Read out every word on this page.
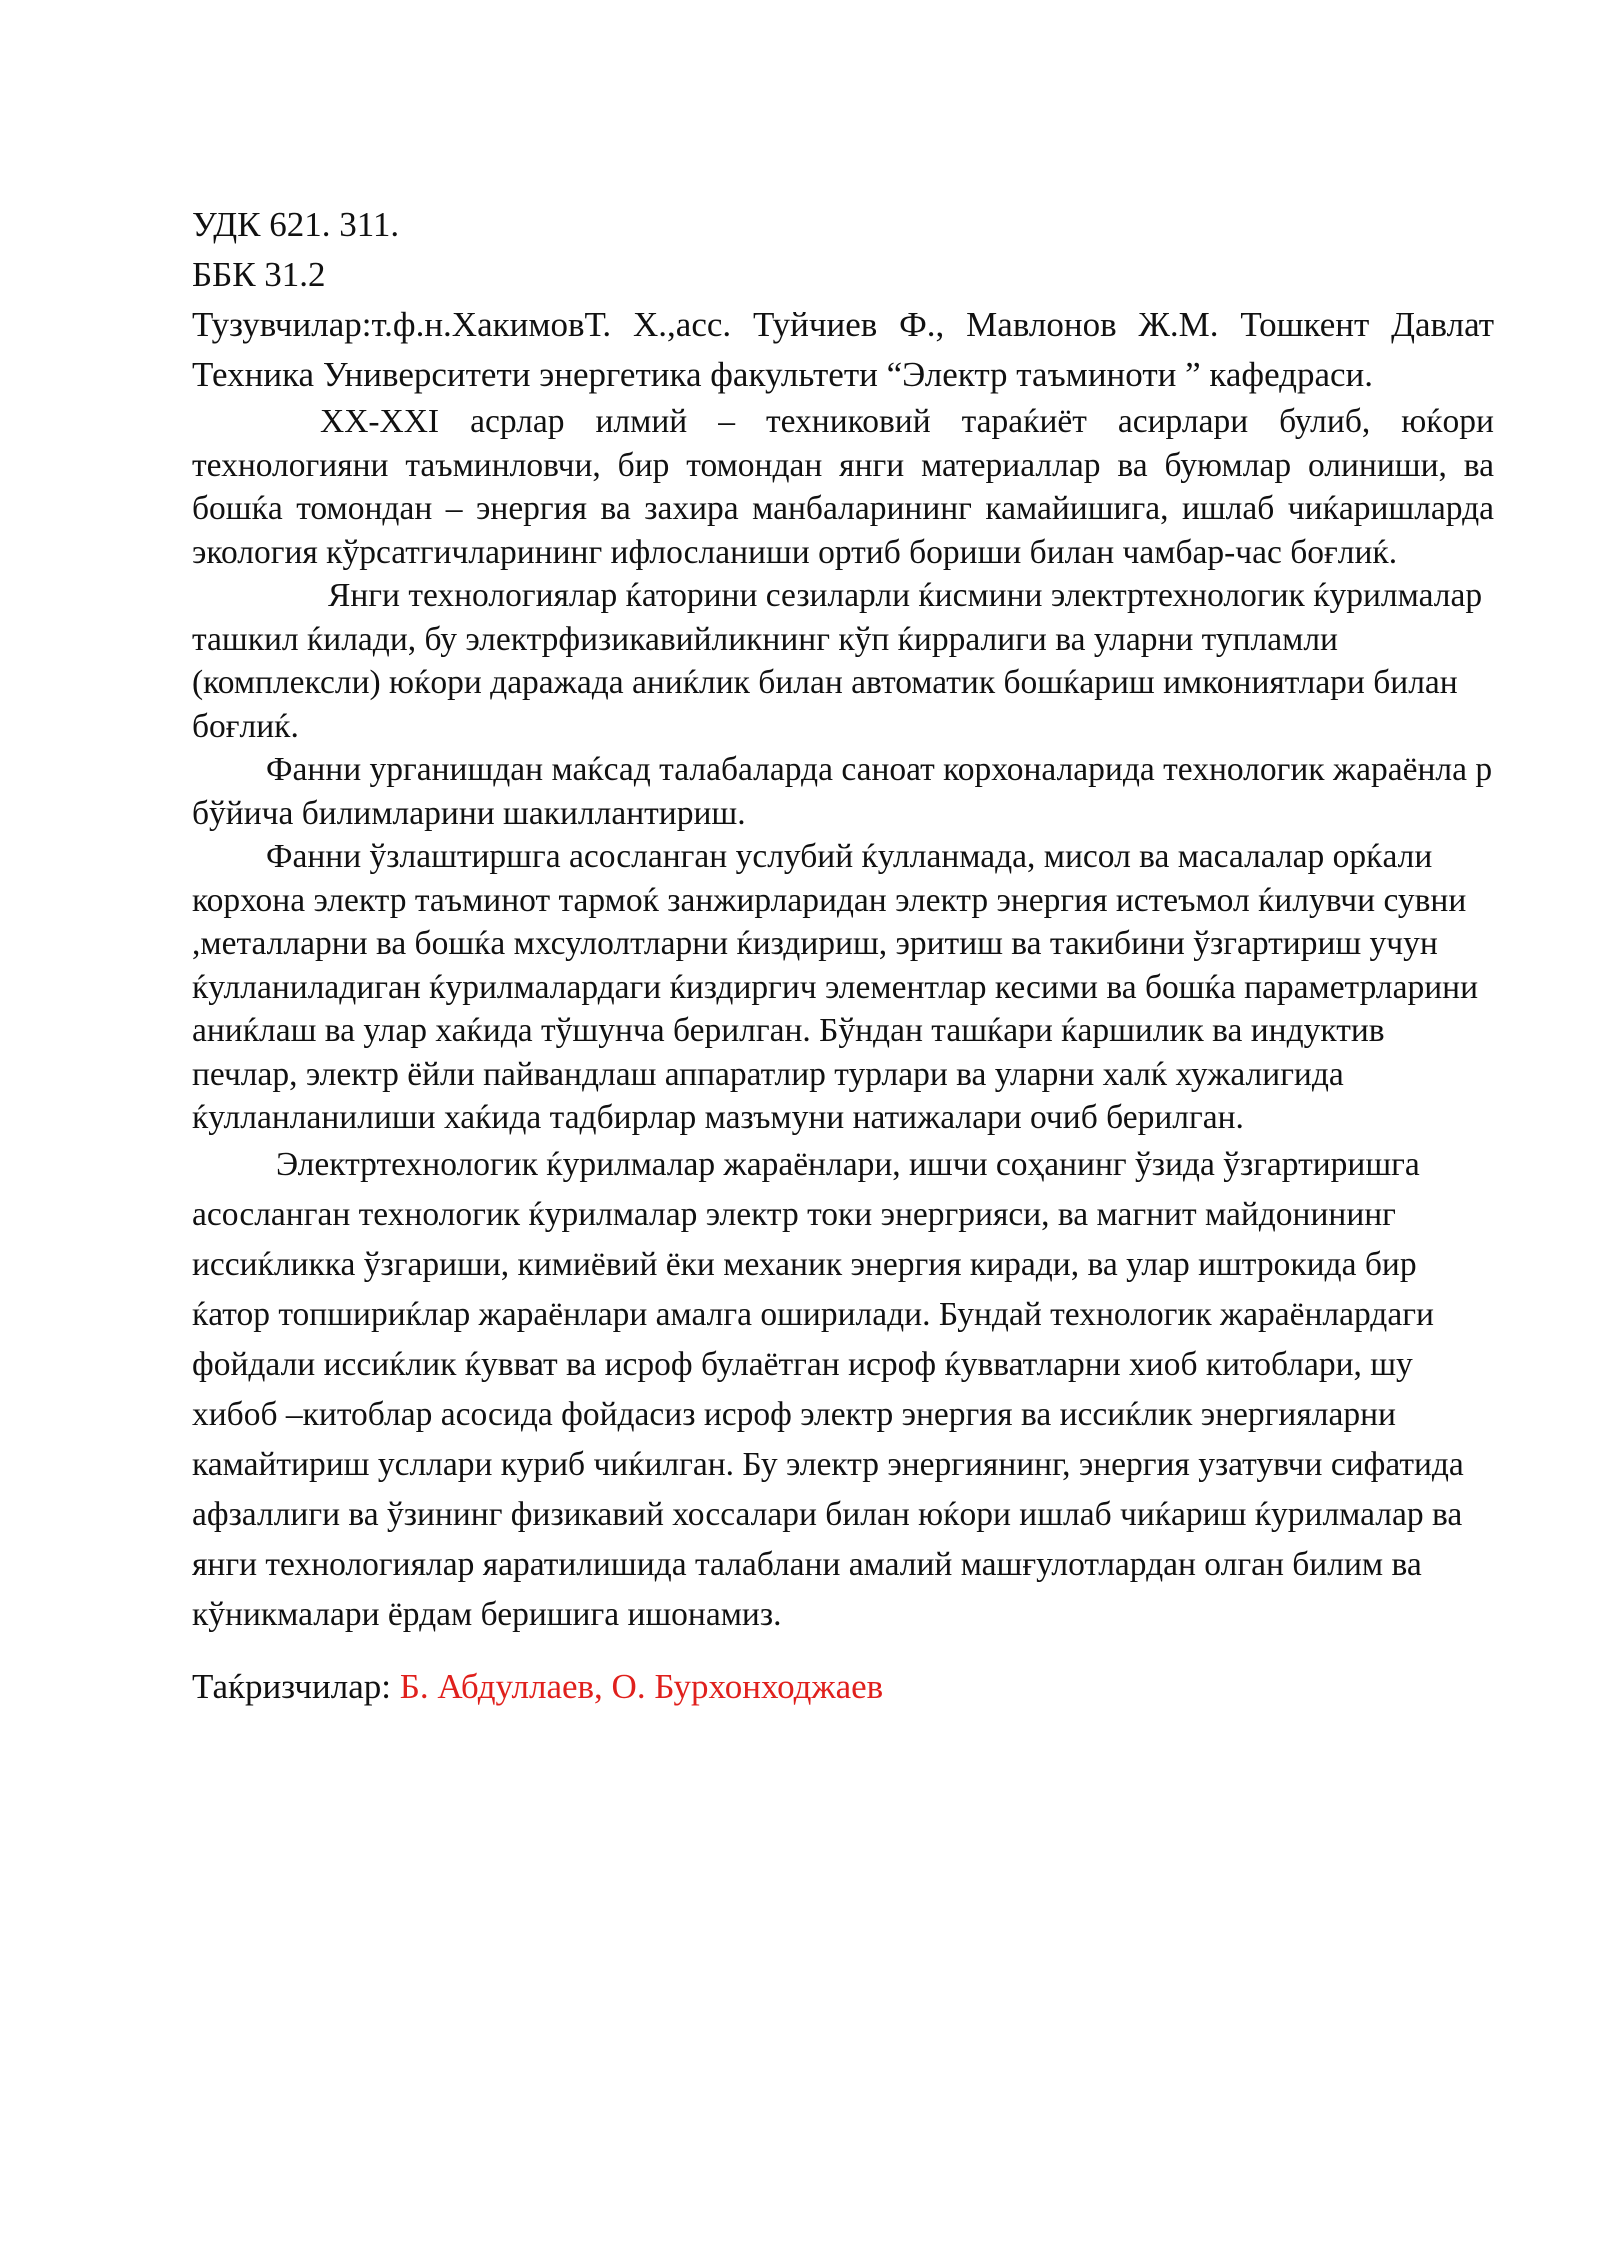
УДК 621. 311.

ББК 31.2

Тузувчилар:т.ф.н.ХакимовТ. Х.,асс. Туйчиев Ф., Мавлонов Ж.М. Тошкент Давлат Техника Университети энергетика факультети “Электр таъминоти ” кафедраси.

XX-XXI асрлар илмий – техниковий тараќиёт асирлари булиб, юќори технологияни таъминловчи, бир томондан янги материаллар ва буюмлар олиниши, ва бошќа томондан – энергия ва захира манбаларининг камайишига, ишлаб чиќаришларда экология кўрсатгичларининг ифлосланиши ортиб бориши билан чамбар-час боғлиќ.

Янги технологиялар ќаторини сезиларли ќисмини электртехнологик ќурилмалар ташкил ќилади, бу электрфизикавийликнинг кўп ќирралиги ва уларни тупламли (комплексли) юќори даражада аниќлик билан автоматик бошќариш имкониятлари билан боғлиќ.

Фанни урганишдан маќсад талабаларда саноат корхоналарида технологик жараёнла р бўйича билимларини шакиллантириш.

Фанни ўзлаштиршга асосланган услубий ќулланмада, мисол ва масалалар орќали корхона электр таъминот тармоќ занжирларидан электр энергия истеъмол ќилувчи сувни ,металларни ва бошќа мхсулолтларни ќиздириш, эритиш ва такибини ўзгартириш учун ќулланиладиган ќурилмалардаги ќиздиргич элементлар кесими ва бошќа параметрларини аниќлаш ва улар хаќида тўшунча берилган. Бўндан ташќари ќаршилик ва индуктив печлар, электр ёйли пайвандлаш аппаратлир турлари ва уларни халќ хужалигида ќулланланилиши хаќида тадбирлар мазъмуни натижалари очиб берилган.

Электртехнологик ќурилмалар жараёнлари, ишчи соҳанинг ўзида ўзгартиришга асосланган технологик ќурилмалар электр токи энергрияси, ва магнит майдонининг иссиќликка ўзгариши, кимиёвий ёки механик энергия киради, ва улар иштрокида бир ќатор топшириќлар жараёнлари амалга оширилади. Бундай технологик жараёнлардаги фойдали иссиќлик ќувват ва исроф булаётган исроф ќувватларни хиоб китоблари, шу хибоб –китоблар асосида фойдасиз исроф электр энергия ва иссиќлик энергияларни камайтириш усллари куриб чиќилган. Бу электр энергиянинг, энергия узатувчи сифатида афзаллиги ва ўзининг физикавий хоссалари билан юќори ишлаб чиќариш ќурилмалар ва янги технологиялар яаратилишида талаблани амалий машғулотлардан олган билим ва кўникмалари ёрдам беришига ишонамиз.

Таќризчилар: Б. Абдуллаев, О. Бурхонходжаев
